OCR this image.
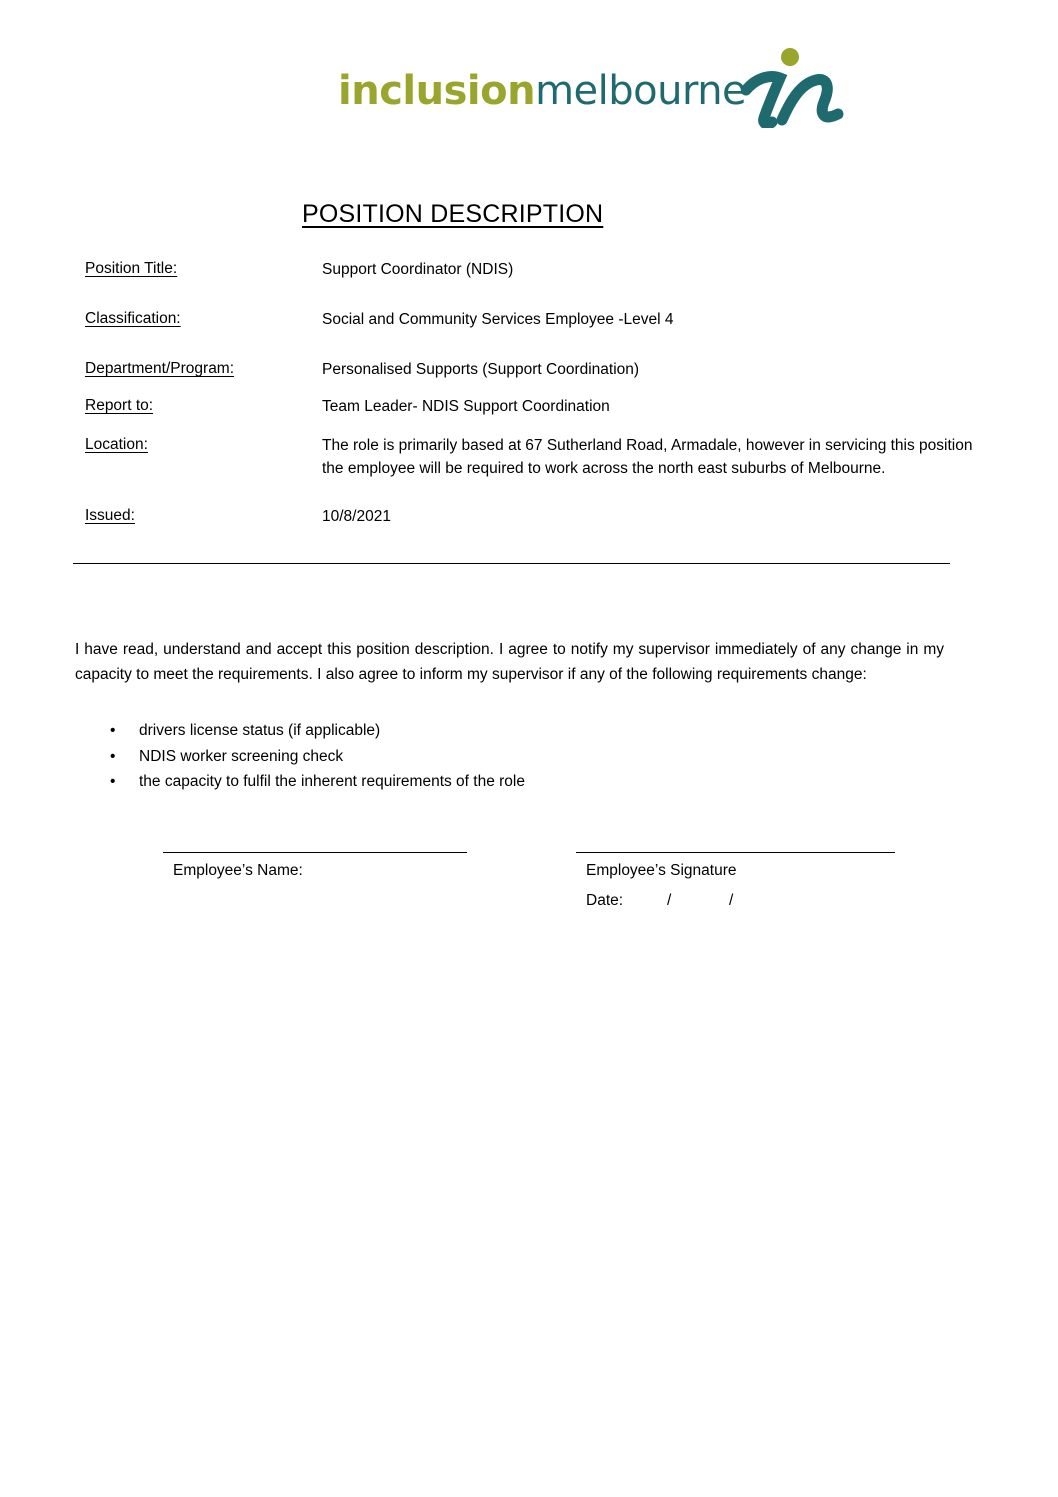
inclusionmelbourne
POSITION DESCRIPTION
Position Title:	Support Coordinator (NDIS)
Classification:	Social and Community Services Employee -Level 4
Department/Program:	Personalised Supports (Support Coordination)
Report to:	Team Leader- NDIS Support Coordination
Location:	The role is primarily based at 67 Sutherland Road, Armadale, however in servicing this position the employee will be required to work across the north east suburbs of Melbourne.
Issued:	10/8/2021
I have read, understand and accept this position description. I agree to notify my supervisor immediately of any change in my capacity to meet the requirements. I also agree to inform my supervisor if any of the following requirements change:
• drivers license status (if applicable)
• NDIS worker screening check
• the capacity to fulfil the inherent requirements of the role
Employee’s Name:	Employee’s Signature
Date:	/	/
